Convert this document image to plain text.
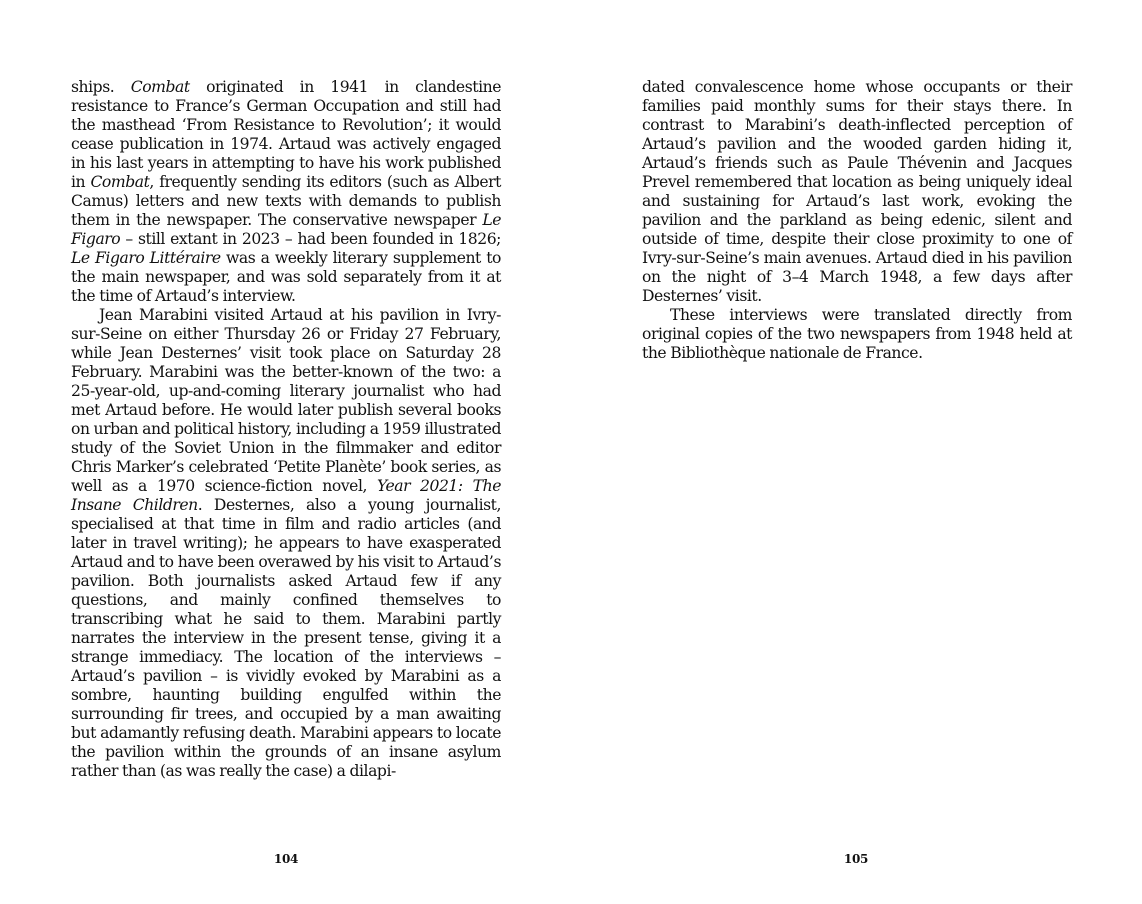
ships. Combat originated in 1941 in clandestine resistance to France’s German Occupation and still had the masthead ‘From Resistance to Revolution’; it would cease publication in 1974. Artaud was actively engaged in his last years in attempting to have his work published in Combat, frequently sending its editors (such as Albert Camus) letters and new texts with demands to publish them in the newspaper. The conservative newspaper Le Figaro – still extant in 2023 – had been founded in 1826; Le Figaro Littéraire was a weekly literary supplement to the main newspaper, and was sold separately from it at the time of Artaud’s interview.

Jean Marabini visited Artaud at his pavilion in Ivry-sur-Seine on either Thursday 26 or Friday 27 February, while Jean Desternes’ visit took place on Saturday 28 February. Marabini was the better-known of the two: a 25-year-old, up-and-coming literary journalist who had met Artaud before. He would later publish several books on urban and political history, including a 1959 illustrated study of the Soviet Union in the filmmaker and editor Chris Marker’s celebrated ‘Petite Planète’ book series, as well as a 1970 science-fiction novel, Year 2021: The Insane Children. Desternes, also a young journalist, specialised at that time in film and radio articles (and later in travel writing); he appears to have exasperated Artaud and to have been overawed by his visit to Artaud’s pavilion. Both journalists asked Artaud few if any questions, and mainly confined themselves to transcribing what he said to them. Marabini partly narrates the interview in the present tense, giving it a strange immediacy. The location of the interviews – Artaud’s pavilion – is vividly evoked by Marabini as a sombre, haunting building engulfed within the surrounding fir trees, and occupied by a man awaiting but adamantly refusing death. Marabini appears to locate the pavilion within the grounds of an insane asylum rather than (as was really the case) a dilapi-

dated convalescence home whose occupants or their families paid monthly sums for their stays there. In contrast to Marabini’s death-inflected perception of Artaud’s pavilion and the wooded garden hiding it, Artaud’s friends such as Paule Thévenin and Jacques Prevel remembered that location as being uniquely ideal and sustaining for Artaud’s last work, evoking the pavilion and the parkland as being edenic, silent and outside of time, despite their close proximity to one of Ivry-sur-Seine’s main avenues. Artaud died in his pavilion on the night of 3–4 March 1948, a few days after Desternes’ visit.

These interviews were translated directly from original copies of the two newspapers from 1948 held at the Bibliothèque nationale de France.

104	105
